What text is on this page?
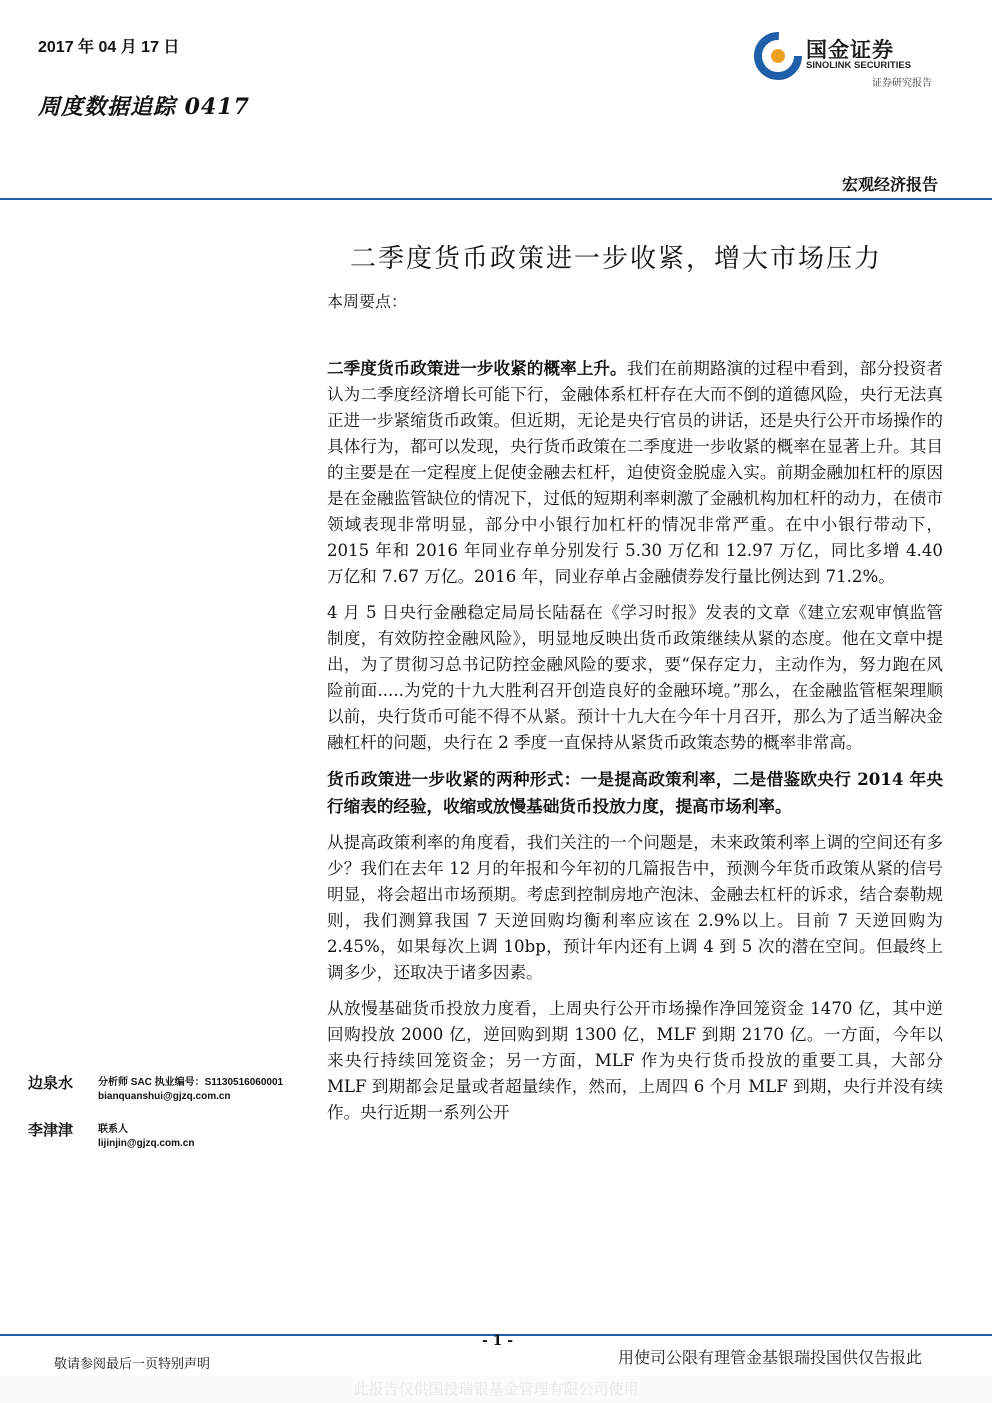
2017 年 04 月 17 日
周度数据追踪 0417
国金证券
SINOLINK SECURITIES
证券研究报告
宏观经济报告
二季度货币政策进一步收紧，增大市场压力
本周要点：

二季度货币政策进一步收紧的概率上升。我们在前期路演的过程中看到，部分投资者认为二季度经济增长可能下行，金融体系杠杆存在大而不倒的道德风险，央行无法真正进一步紧缩货币政策。但近期，无论是央行官员的讲话，还是央行公开市场操作的具体行为，都可以发现，央行货币政策在二季度进一步收紧的概率在显著上升。其目的主要是在一定程度上促使金融去杠杆，迫使资金脱虚入实。前期金融加杠杆的原因是在金融监管缺位的情况下，过低的短期利率刺激了金融机构加杠杆的动力，在债市领域表现非常明显，部分中小银行加杠杆的情况非常严重。在中小银行带动下，2015 年和 2016 年同业存单分别发行 5.30 万亿和 12.97 万亿，同比多增 4.40 万亿和 7.67 万亿。2016 年，同业存单占金融债券发行量比例达到 71.2%。

4 月 5 日央行金融稳定局局长陆磊在《学习时报》发表的文章《建立宏观审慎监管制度，有效防控金融风险》，明显地反映出货币政策继续从紧的态度。他在文章中提出，为了贯彻习总书记防控金融风险的要求，要“保存定力，主动作为，努力跑在风险前面.....为党的十九大胜利召开创造良好的金融环境。”那么，在金融监管框架理顺以前，央行货币可能不得不从紧。预计十九大在今年十月召开，那么为了适当解决金融杠杆的问题，央行在 2 季度一直保持从紧货币政策态势的概率非常高。

货币政策进一步收紧的两种形式：一是提高政策利率，二是借鉴欧央行 2014 年央行缩表的经验，收缩或放慢基础货币投放力度，提高市场利率。

从提高政策利率的角度看，我们关注的一个问题是，未来政策利率上调的空间还有多少？我们在去年 12 月的年报和今年初的几篇报告中，预测今年货币政策从紧的信号明显，将会超出市场预期。考虑到控制房地产泡沫、金融去杠杆的诉求，结合泰勒规则，我们测算我国 7 天逆回购均衡利率应该在 2.9%以上。目前 7 天逆回购为 2.45%，如果每次上调 10bp，预计年内还有上调 4 到 5 次的潜在空间。但最终上调多少，还取决于诸多因素。

从放慢基础货币投放力度看，上周央行公开市场操作净回笼资金 1470 亿，其中逆回购投放 2000 亿，逆回购到期 1300 亿，MLF 到期 2170 亿。一方面，今年以来央行持续回笼资金；另一方面，MLF 作为央行货币投放的重要工具，大部分 MLF 到期都会足量或者超量续作，然而，上周四 6 个月 MLF 到期，央行并没有续作。央行近期一系列公开

边泉水 分析师 SAC 执业编号：S1130516060001
bianquanshui@gjzq.com.cn
李津津 联系人
lijinjin@gjzq.com.cn
- 1 -
敬请参阅最后一页特别声明	用使司公限有理管金基银瑞投国供仅告报此
此报告仅供国投瑞银基金管理有限公司使用
